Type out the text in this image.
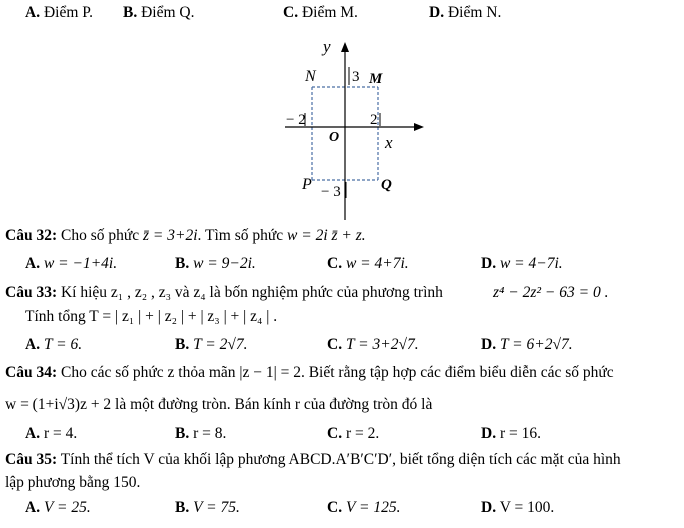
A. Điểm P. B. Điểm Q.	C. Điểm M.	D. Điểm N.
y
x
O
N	M
P	Q
3
− 3
− 2	2
Câu 32: Cho số phức z̄ = 3+2i. Tìm số phức w = 2i z̄ + z.
A. w = −1+4i.	B. w = 9−2i.	C. w = 4+7i.	D. w = 4−7i.
Câu 33: Kí hiệu z₁ , z₂ , z₃ và z₄ là bốn nghiệm phức của phương trình	z⁴ − 2z² − 63 = 0 .
Tính tổng T = | z₁ | + | z₂ | + | z₃ | + | z₄ | .
A. T = 6.	B. T = 2√7.	C. T = 3+2√7.	D. T = 6+2√7.
Câu 34: Cho các số phức z thỏa mãn |z − 1| = 2. Biết rằng tập hợp các điểm biểu diễn các số phức
w = (1+i√3)z + 2 là một đường tròn. Bán kính r của đường tròn đó là
A. r = 4.	B. r = 8.	C. r = 2.	D. r = 16.
Câu 35: Tính thể tích V của khối lập phương ABCD.A′B′C′D′, biết tổng diện tích các mặt của hình
lập phương bằng 150.
A. V = 25.	B. V = 75.	C. V = 125.	D. V = 100.
